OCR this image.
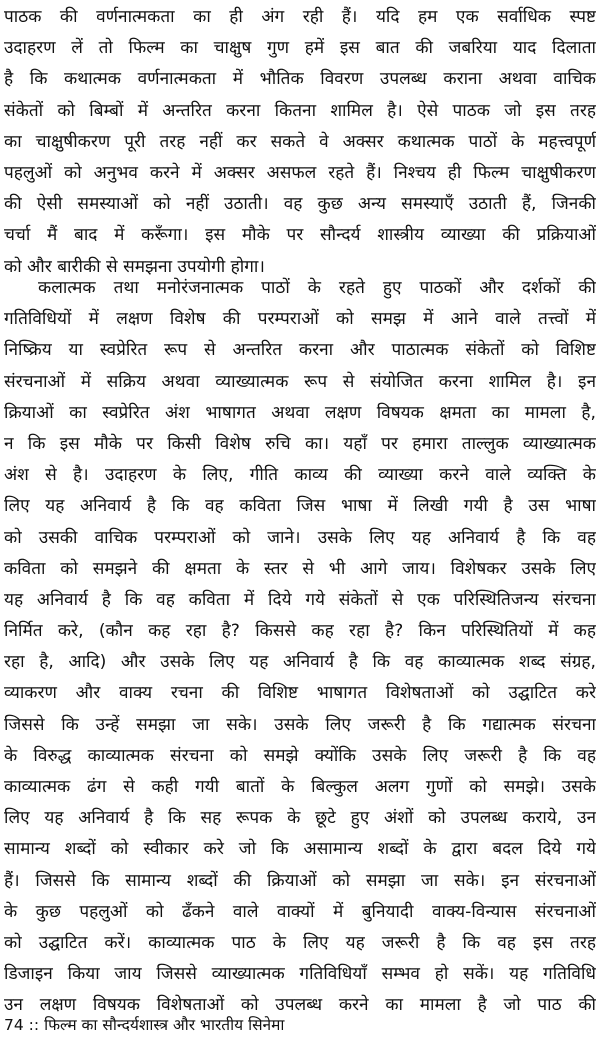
पाठक की वर्णनात्मकता का ही अंग रही हैं। यदि हम एक सर्वाधिक स्पष्ट
उदाहरण लें तो फिल्म का चाक्षुष गुण हमें इस बात की जबरिया याद दिलाता
है कि कथात्मक वर्णनात्मकता में भौतिक विवरण उपलब्ध कराना अथवा वाचिक
संकेतों को बिम्बों में अन्तरित करना कितना शामिल है। ऐसे पाठक जो इस तरह
का चाक्षुषीकरण पूरी तरह नहीं कर सकते वे अक्सर कथात्मक पाठों के महत्त्वपूर्ण
पहलुओं को अनुभव करने में अक्सर असफल रहते हैं। निश्चय ही फिल्म चाक्षुषीकरण
की ऐसी समस्याओं को नहीं उठाती। वह कुछ अन्य समस्याएँ उठाती हैं, जिनकी
चर्चा मैं बाद में करूँगा। इस मौके पर सौन्दर्य शास्त्रीय व्याख्या की प्रक्रियाओं
को और बारीकी से समझना उपयोगी होगा।
कलात्मक तथा मनोरंजनात्मक पाठों के रहते हुए पाठकों और दर्शकों की
गतिविधियों में लक्षण विशेष की परम्पराओं को समझ में आने वाले तत्त्वों में
निष्क्रिय या स्वप्रेरित रूप से अन्तरित करना और पाठात्मक संकेतों को विशिष्ट
संरचनाओं में सक्रिय अथवा व्याख्यात्मक रूप से संयोजित करना शामिल है। इन
क्रियाओं का स्वप्रेरित अंश भाषागत अथवा लक्षण विषयक क्षमता का मामला है,
न कि इस मौके पर किसी विशेष रुचि का। यहाँ पर हमारा ताल्लुक व्याख्यात्मक
अंश से है। उदाहरण के लिए, गीति काव्य की व्याख्या करने वाले व्यक्ति के
लिए यह अनिवार्य है कि वह कविता जिस भाषा में लिखी गयी है उस भाषा
को उसकी वाचिक परम्पराओं को जाने। उसके लिए यह अनिवार्य है कि वह
कविता को समझने की क्षमता के स्तर से भी आगे जाय। विशेषकर उसके लिए
यह अनिवार्य है कि वह कविता में दिये गये संकेतों से एक परिस्थितिजन्य संरचना
निर्मित करे, (कौन कह रहा है? किससे कह रहा है? किन परिस्थितियों में कह
रहा है, आदि) और उसके लिए यह अनिवार्य है कि वह काव्यात्मक शब्द संग्रह,
व्याकरण और वाक्य रचना की विशिष्ट भाषागत विशेषताओं को उद्घाटित करे
जिससे कि उन्हें समझा जा सके। उसके लिए जरूरी है कि गद्यात्मक संरचना
के विरुद्ध काव्यात्मक संरचना को समझे क्योंकि उसके लिए जरूरी है कि वह
काव्यात्मक ढंग से कही गयी बातों के बिल्कुल अलग गुणों को समझे। उसके
लिए यह अनिवार्य है कि सह रूपक के छूटे हुए अंशों को उपलब्ध कराये, उन
सामान्य शब्दों को स्वीकार करे जो कि असामान्य शब्दों के द्वारा बदल दिये गये
हैं। जिससे कि सामान्य शब्दों की क्रियाओं को समझा जा सके। इन संरचनाओं
के कुछ पहलुओं को ढँकने वाले वाक्यों में बुनियादी वाक्य-विन्यास संरचनाओं
को उद्घाटित करें। काव्यात्मक पाठ के लिए यह जरूरी है कि वह इस तरह
डिजाइन किया जाय जिससे व्याख्यात्मक गतिविधियाँ सम्भव हो सकें। यह गतिविधि
उन लक्षण विषयक विशेषताओं को उपलब्ध करने का मामला है जो पाठ की
74 :: फिल्म का सौन्दर्यशास्त्र और भारतीय सिनेमा
